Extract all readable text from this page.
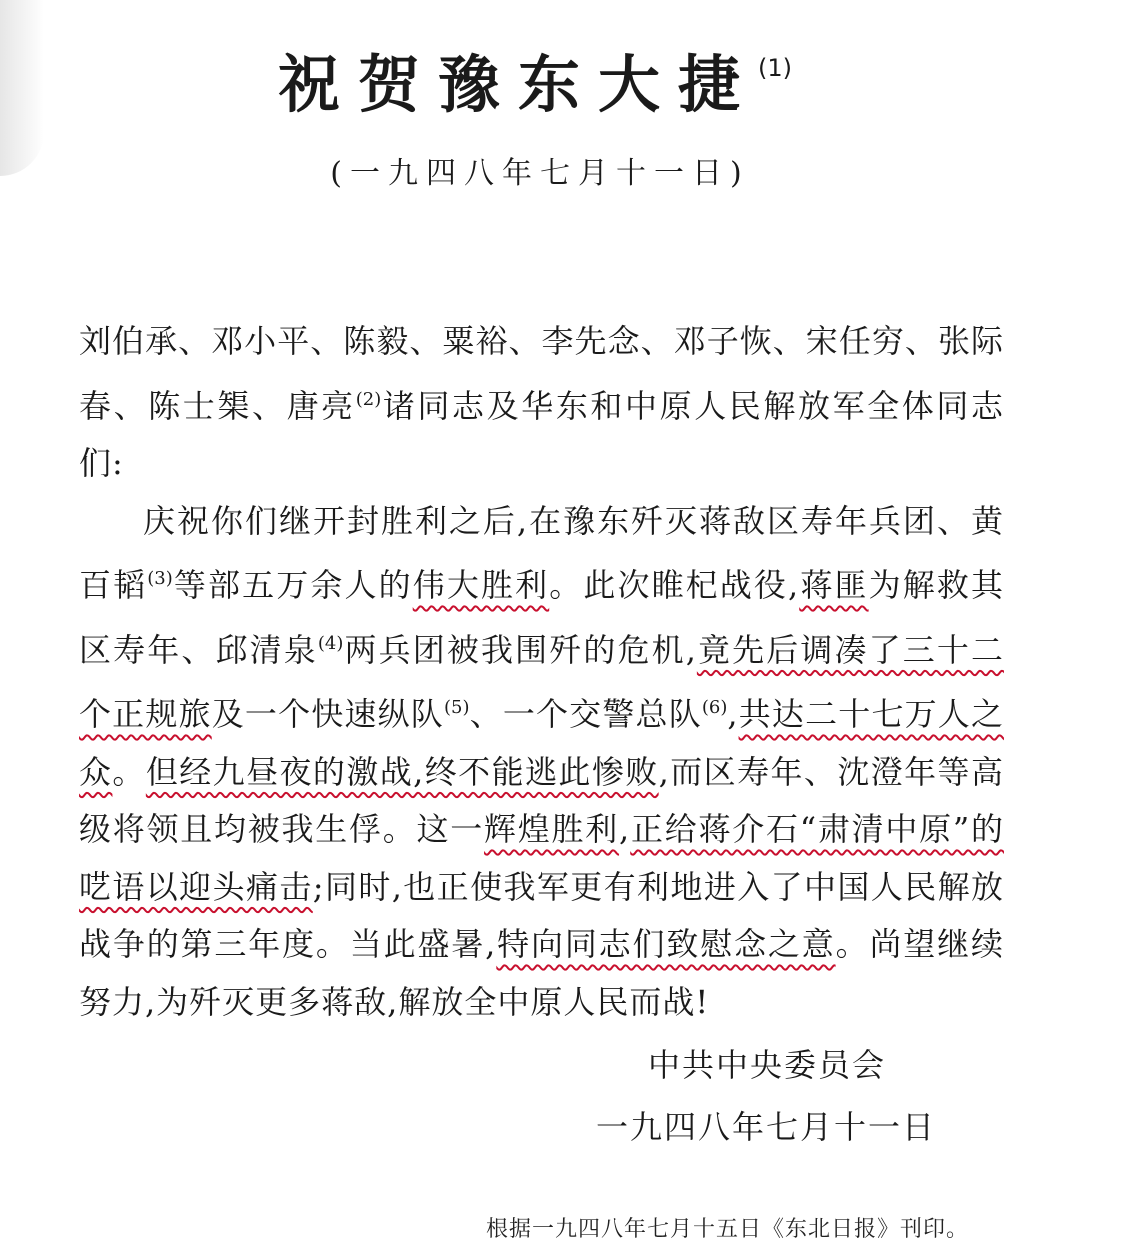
祝贺豫东大捷$^{(1)}$
(一九四八年七月十一日)

刘伯承、邓小平、陈毅、粟裕、李先念、邓子恢、宋任穷、张际春、陈士榘、唐亮$^{(2)}$诸同志及华东和中原人民解放军全体同志们:

庆祝你们继开封胜利之后,在豫东歼灭蒋敌区寿年兵团、黄百韬$^{(3)}$等部五万余人的伟大胜利。此次睢杞战役,蒋匪为解救其区寿年、邱清泉$^{(4)}$两兵团被我围歼的危机,竟先后调凑了三十二个正规旅及一个快速纵队$^{(5)}$、一个交警总队$^{(6)}$,共达二十七万人之众。但经九昼夜的激战,终不能逃此惨败,而区寿年、沈澄年等高级将领且均被我生俘。这一辉煌胜利,正给蒋介石“肃清中原”的呓语以迎头痛击;同时,也正使我军更有利地进入了中国人民解放战争的第三年度。当此盛暑,特向同志们致慰念之意。尚望继续努力,为歼灭更多蒋敌,解放全中原人民而战!

中共中央委员会
一九四八年七月十一日
根据一九四八年七月十五日《东北日报》刊印。
